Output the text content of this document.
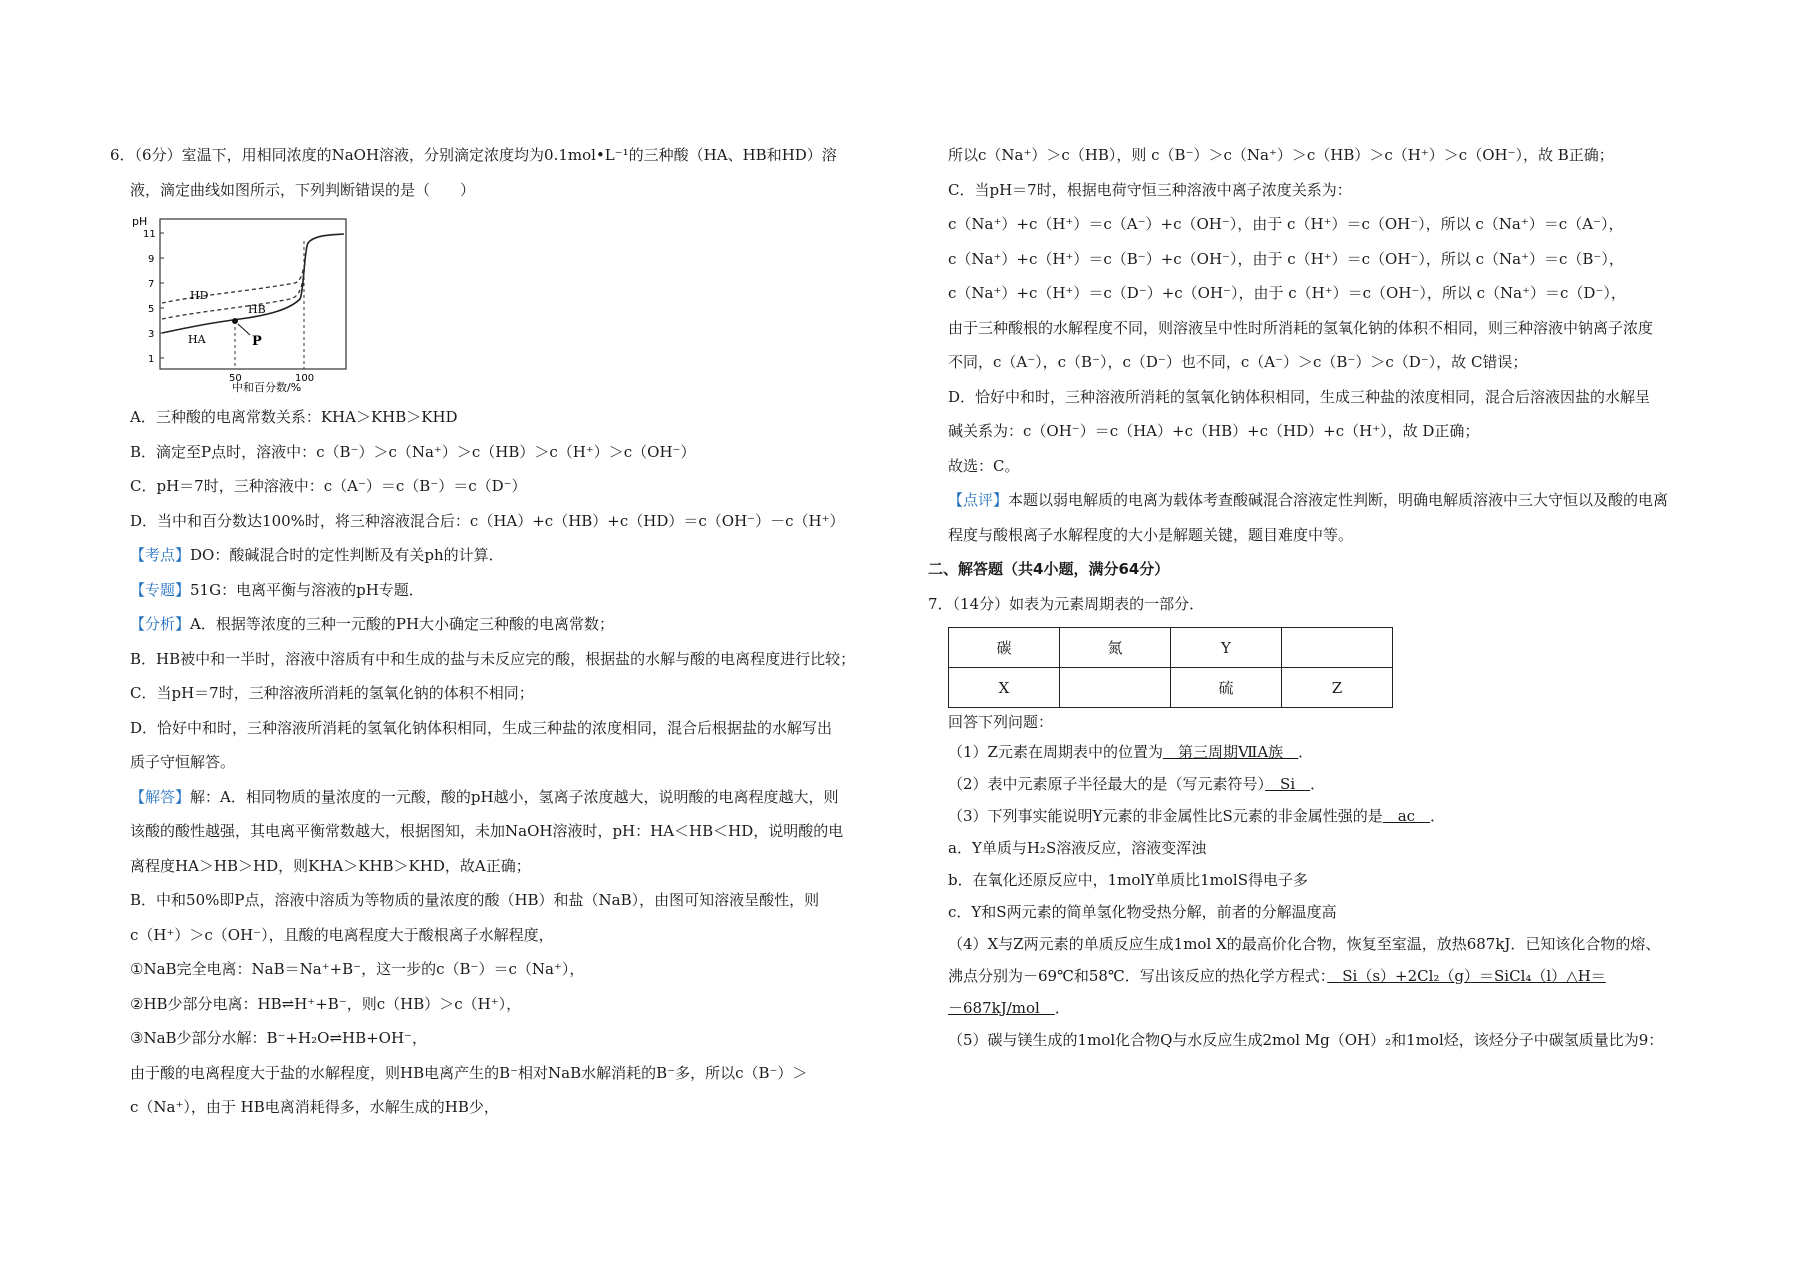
6．（6分）室温下，用相同浓度的NaOH溶液，分别滴定浓度均为0.1mol•L⁻¹的三种酸（HA、HB和HD）溶
液，滴定曲线如图所示，下列判断错误的是（　　）
pH
11
9
7
5
3
1
50	100
HD
HB
HA	P
中和百分数/%
A．三种酸的电离常数关系：KHA＞KHB＞KHD
B．滴定至P点时，溶液中：c（B⁻）＞c（Na⁺）＞c（HB）＞c（H⁺）＞c（OH⁻）
C．pH＝7时，三种溶液中：c（A⁻）＝c（B⁻）＝c（D⁻）
D．当中和百分数达100%时，将三种溶液混合后：c（HA）+c（HB）+c（HD）＝c（OH⁻）－c（H⁺）
【考点】DO：酸碱混合时的定性判断及有关ph的计算．
【专题】51G：电离平衡与溶液的pH专题．
【分析】A．根据等浓度的三种一元酸的PH大小确定三种酸的电离常数；
B．HB被中和一半时，溶液中溶质有中和生成的盐与未反应完的酸，根据盐的水解与酸的电离程度进行比较；
C．当pH＝7时，三种溶液所消耗的氢氧化钠的体积不相同；
D．恰好中和时，三种溶液所消耗的氢氧化钠体积相同，生成三种盐的浓度相同，混合后根据盐的水解写出
质子守恒解答。
【解答】解：A．相同物质的量浓度的一元酸，酸的pH越小，氢离子浓度越大，说明酸的电离程度越大，则
该酸的酸性越强，其电离平衡常数越大，根据图知，未加NaOH溶液时，pH：HA＜HB＜HD，说明酸的电
离程度HA＞HB＞HD，则KHA＞KHB＞KHD，故A正确；
B．中和50%即P点，溶液中溶质为等物质的量浓度的酸（HB）和盐（NaB），由图可知溶液呈酸性，则
c（H⁺）＞c（OH⁻），且酸的电离程度大于酸根离子水解程度，
①NaB完全电离：NaB＝Na⁺+B⁻，这一步的c（B⁻）＝c（Na⁺），
②HB少部分电离：HB⇌H⁺+B⁻，则c（HB）＞c（H⁺），
③NaB少部分水解：B⁻+H₂O⇌HB+OH⁻，
由于酸的电离程度大于盐的水解程度，则HB电离产生的B⁻相对NaB水解消耗的B⁻多，所以c（B⁻）＞
c（Na⁺），由于 HB电离消耗得多，水解生成的HB少，
所以c（Na⁺）＞c（HB），则 c（B⁻）＞c（Na⁺）＞c（HB）＞c（H⁺）＞c（OH⁻），故 B正确；
C．当pH＝7时，根据电荷守恒三种溶液中离子浓度关系为：
c（Na⁺）+c（H⁺）＝c（A⁻）+c（OH⁻），由于 c（H⁺）＝c（OH⁻），所以 c（Na⁺）＝c（A⁻），
c（Na⁺）+c（H⁺）＝c（B⁻）+c（OH⁻），由于 c（H⁺）＝c（OH⁻），所以 c（Na⁺）＝c（B⁻），
c（Na⁺）+c（H⁺）＝c（D⁻）+c（OH⁻），由于 c（H⁺）＝c（OH⁻），所以 c（Na⁺）＝c（D⁻），
由于三种酸根的水解程度不同，则溶液呈中性时所消耗的氢氧化钠的体积不相同，则三种溶液中钠离子浓度
不同，c（A⁻），c（B⁻），c（D⁻）也不同，c（A⁻）＞c（B⁻）＞c（D⁻），故 C错误；
D．恰好中和时，三种溶液所消耗的氢氧化钠体积相同，生成三种盐的浓度相同，混合后溶液因盐的水解呈
碱关系为：c（OH⁻）＝c（HA）+c（HB）+c（HD）+c（H⁺），故 D正确；
故选：C。
【点评】本题以弱电解质的电离为载体考查酸碱混合溶液定性判断，明确电解质溶液中三大守恒以及酸的电离
程度与酸根离子水解程度的大小是解题关键，题目难度中等。
二、解答题（共4小题，满分64分）
7．（14分）如表为元素周期表的一部分．
碳	氮	Y	
X		硫	Z
回答下列问题：
（1）Z元素在周期表中的位置为　第三周期ⅦA族　．
（2）表中元素原子半径最大的是（写元素符号）　Si　．
（3）下列事实能说明Y元素的非金属性比S元素的非金属性强的是　ac　．
a．Y单质与H₂S溶液反应，溶液变浑浊
b．在氧化还原反应中，1molY单质比1molS得电子多
c．Y和S两元素的简单氢化物受热分解，前者的分解温度高
（4）X与Z两元素的单质反应生成1mol X的最高价化合物，恢复至室温，放热687kJ．已知该化合物的熔、
沸点分别为－69℃和58℃．写出该反应的热化学方程式：　Si（s）+2Cl₂（g）＝SiCl₄（l）△H＝
－687kJ/mol　．
（5）碳与镁生成的1mol化合物Q与水反应生成2mol Mg（OH）₂和1mol烃，该烃分子中碳氢质量比为9：
